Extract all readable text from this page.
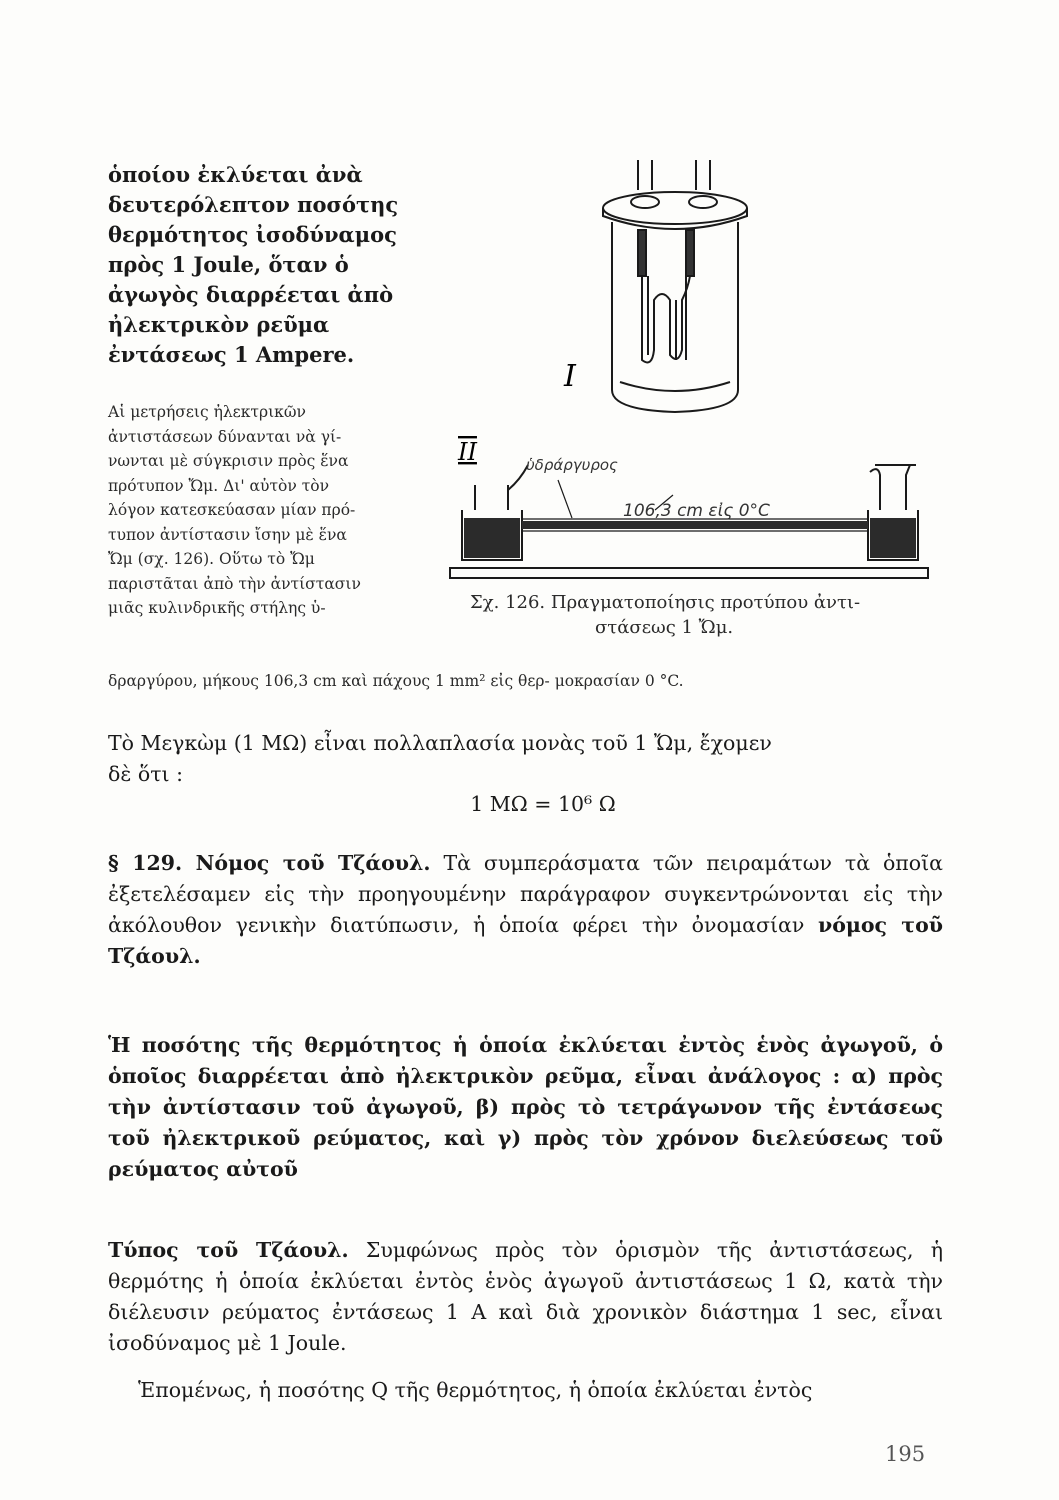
ὁποίου ἐκλύεται ἀνὰ δευτερόλεπτον ποσότης θερμότητος ἰσοδύναμος πρὸς 1 Joule, ὅταν ὁ ἀγωγὸς διαρρέεται ἀπὸ ἠλεκτρικὸν ρεῦμα ἐντάσεως 1 Ampere.
Αἱ μετρήσεις ἠλεκτρικῶν
ἀντιστάσεων δύνανται νὰ γί-
νωνται μὲ σύγκρισιν πρὸς ἕνα
πρότυπον Ὤμ. Δι' αὐτὸν τὸν
λόγον κατεσκεύασαν μίαν πρό-
τυπον ἀντίστασιν ἴσην μὲ ἕνα
Ὤμ (σχ. 126). Οὕτω τὸ Ὤμ
παριστᾶται ἀπὸ τὴν ἀντίστασιν
μιᾶς κυλινδρικῆς στήλης ὑ-
δραργύρου, μήκους 106,3 cm καὶ πάχους 1 mm² εἰς θερ- μοκρασίαν 0 °C.
I
II	ὑδράργυρος
106,3 cm εἰς 0°C
Σχ. 126. Πραγματοποίησις προτύπου ἀντι-
στάσεως 1 Ὤμ.
Τὸ Μεγκὼμ (1 ΜΩ) εἶναι πολλαπλασία μονὰς τοῦ 1 Ὤμ, ἔχομεν
δὲ ὅτι :
1 ΜΩ = 10⁶ Ω
§ 129. Νόμος τοῦ Τζάουλ. Τὰ συμπεράσματα τῶν πειραμάτων τὰ ὁποῖα ἐξετελέσαμεν εἰς τὴν προηγουμένην παράγραφον συγκεντρώνονται εἰς τὴν ἀκόλουθον γενικὴν διατύπωσιν, ἡ ὁποία φέρει τὴν ὀνομασίαν νόμος τοῦ Τζάουλ.
Ἡ ποσότης τῆς θερμότητος ἡ ὁποία ἐκλύεται ἐντὸς ἑνὸς ἀγωγοῦ, ὁ ὁποῖος διαρρέεται ἀπὸ ἠλεκτρικὸν ρεῦμα, εἶναι ἀνάλογος : α) πρὸς τὴν ἀντίστασιν τοῦ ἀγωγοῦ, β) πρὸς τὸ τετράγωνον τῆς ἐντάσεως τοῦ ἠλεκτρικοῦ ρεύματος, καὶ γ) πρὸς τὸν χρόνον διελεύσεως τοῦ ρεύματος αὐτοῦ
Τύπος τοῦ Τζάουλ. Συμφώνως πρὸς τὸν ὁρισμὸν τῆς ἀντιστάσεως, ἡ θερμότης ἡ ὁποία ἐκλύεται ἐντὸς ἑνὸς ἀγωγοῦ ἀντιστάσεως 1 Ω, κατὰ τὴν διέλευσιν ρεύματος ἐντάσεως 1 Α καὶ διὰ χρονικὸν διάστημα 1 sec, εἶναι ἰσοδύναμος μὲ 1 Joule.
Ἑπομένως, ἡ ποσότης Q τῆς θερμότητος, ἡ ὁποία ἐκλύεται ἐντὸς
195
